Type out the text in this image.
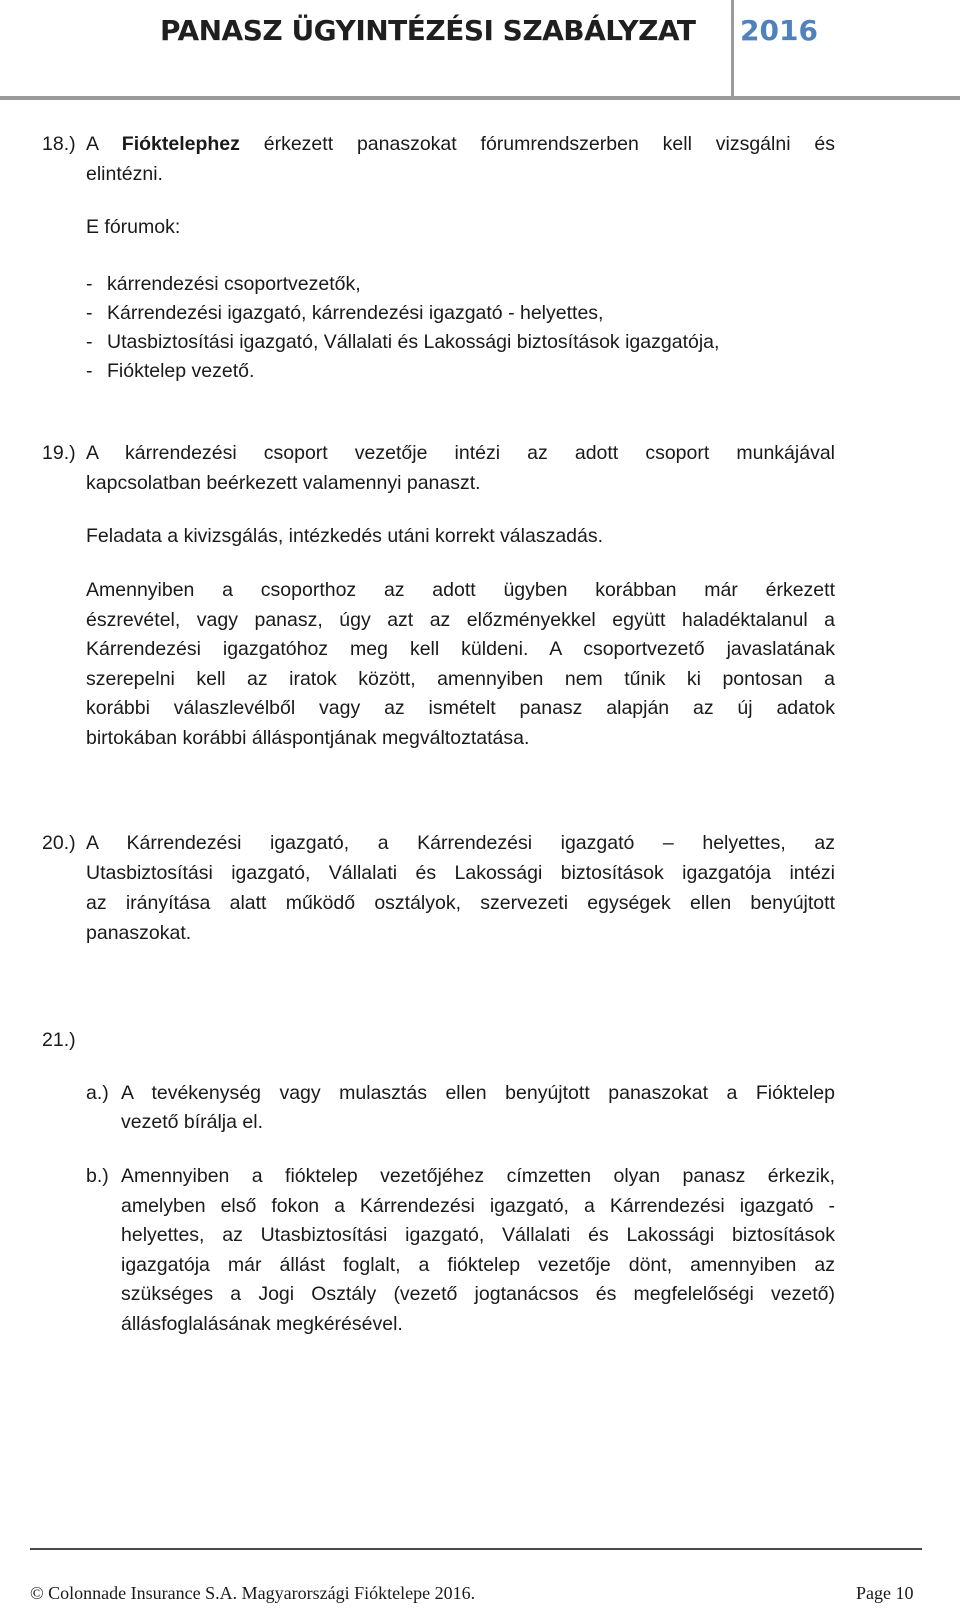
PANASZ ÜGYINTÉZÉSI SZABÁLYZAT 2016
18.) A Fióktelephez érkezett panaszokat fórumrendszerben kell vizsgálni és
elintézni.
E fórumok:
- kárrendezési csoportvezetők,
- Kárrendezési igazgató, kárrendezési igazgató - helyettes,
- Utasbiztosítási igazgató, Vállalati és Lakossági biztosítások igazgatója,
- Fióktelep vezető.
19.) A kárrendezési csoport vezetője intézi az adott csoport munkájával
kapcsolatban beérkezett valamennyi panaszt.
Feladata a kivizsgálás, intézkedés utáni korrekt válaszadás.
Amennyiben a csoporthoz az adott ügyben korábban már érkezett
észrevétel, vagy panasz, úgy azt az előzményekkel együtt haladéktalanul a
Kárrendezési igazgatóhoz meg kell küldeni. A csoportvezető javaslatának
szerepelni kell az iratok között, amennyiben nem tűnik ki pontosan a
korábbi válaszlevélből vagy az ismételt panasz alapján az új adatok
birtokában korábbi álláspontjának megváltoztatása.
20.) A Kárrendezési igazgató, a Kárrendezési igazgató – helyettes, az
Utasbiztosítási igazgató, Vállalati és Lakossági biztosítások igazgatója intézi
az irányítása alatt működő osztályok, szervezeti egységek ellen benyújtott
panaszokat.
21.)
a.) A tevékenység vagy mulasztás ellen benyújtott panaszokat a Fióktelep
vezető bírálja el.
b.) Amennyiben a fióktelep vezetőjéhez címzetten olyan panasz érkezik,
amelyben első fokon a Kárrendezési igazgató, a Kárrendezési igazgató -
helyettes, az Utasbiztosítási igazgató, Vállalati és Lakossági biztosítások
igazgatója már állást foglalt, a fióktelep vezetője dönt, amennyiben az
szükséges a Jogi Osztály (vezető jogtanácsos és megfelelőségi vezető)
állásfoglalásának megkérésével.
© Colonnade Insurance S.A. Magyarországi Fióktelepe 2016.	Page 10
